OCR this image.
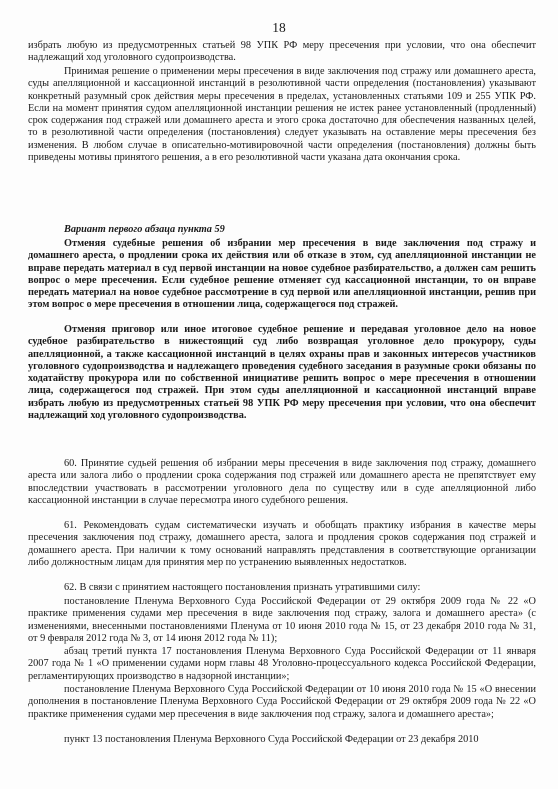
18

избрать любую из предусмотренных статьей 98 УПК РФ меру пресечения при условии, что она обеспечит надлежащий ход уголовного судопроизводства.

Принимая решение о применении меры пресечения в виде заключения под стражу или домашнего ареста, суды апелляционной и кассационной инстанций в резолютивной части определения (постановления) указывают конкретный разумный срок действия меры пресечения в пределах, установленных статьями 109 и 255 УПК РФ. Если на момент принятия судом апелляционной инстанции решения не истек ранее установленный (продленный) срок содержания под стражей или домашнего ареста и этого срока достаточно для обеспечения названных целей, то в резолютивной части определения (постановления) следует указывать на оставление меры пресечения без изменения. В любом случае в описательно-мотивировочной части определения (постановления) должны быть приведены мотивы принятого решения, а в его резолютивной части указана дата окончания срока.

Вариант первого абзаца пункта 59

Отменяя судебные решения об избрании мер пресечения в виде заключения под стражу и домашнего ареста, о продлении срока их действия или об отказе в этом, суд апелляционной инстанции не вправе передать материал в суд первой инстанции на новое судебное разбирательство, а должен сам решить вопрос о мере пресечения. Если судебное решение отменяет суд кассационной инстанции, то он вправе передать материал на новое судебное рассмотрение в суд первой или апелляционной инстанции, решив при этом вопрос о мере пресечения в отношении лица, содержащегося под стражей.

Отменяя приговор или иное итоговое судебное решение и передавая уголовное дело на новое судебное разбирательство в нижестоящий суд либо возвращая уголовное дело прокурору, суды апелляционной, а также кассационной инстанций в целях охраны прав и законных интересов участников уголовного судопроизводства и надлежащего проведения судебного заседания в разумные сроки обязаны по ходатайству прокурора или по собственной инициативе решить вопрос о мере пресечения в отношении лица, содержащегося под стражей. При этом суды апелляционной и кассационной инстанций вправе избрать любую из предусмотренных статьей 98 УПК РФ меру пресечения при условии, что она обеспечит надлежащий ход уголовного судопроизводства.

60. Принятие судьей решения об избрании меры пресечения в виде заключения под стражу, домашнего ареста или залога либо о продлении срока содержания под стражей или домашнего ареста не препятствует ему впоследствии участвовать в рассмотрении уголовного дела по существу или в суде апелляционной либо кассационной инстанции в случае пересмотра иного судебного решения.

61. Рекомендовать судам систематически изучать и обобщать практику избрания в качестве меры пресечения заключения под стражу, домашнего ареста, залога и продления сроков содержания под стражей и домашнего ареста. При наличии к тому оснований направлять представления в соответствующие организации либо должностным лицам для принятия мер по устранению выявленных недостатков.

62. В связи с принятием настоящего постановления признать утратившими силу:

постановление Пленума Верховного Суда Российской Федерации от 29 октября 2009 года № 22 «О практике применения судами мер пресечения в виде заключения под стражу, залога и домашнего ареста» (с изменениями, внесенными постановлениями Пленума от 10 июня 2010 года № 15, от 23 декабря 2010 года № 31, от 9 февраля 2012 года № 3, от 14 июня 2012 года № 11);

абзац третий пункта 17 постановления Пленума Верховного Суда Российской Федерации от 11 января 2007 года № 1 «О применении судами норм главы 48 Уголовно-процессуального кодекса Российской Федерации, регламентирующих производство в надзорной инстанции»;

постановление Пленума Верховного Суда Российской Федерации от 10 июня 2010 года № 15 «О внесении дополнения в постановление Пленума Верховного Суда Российской Федерации от 29 октября 2009 года № 22 «О практике применения судами мер пресечения в виде заключения под стражу, залога и домашнего ареста»;

пункт 13 постановления Пленума Верховного Суда Российской Федерации от 23 декабря 2010
